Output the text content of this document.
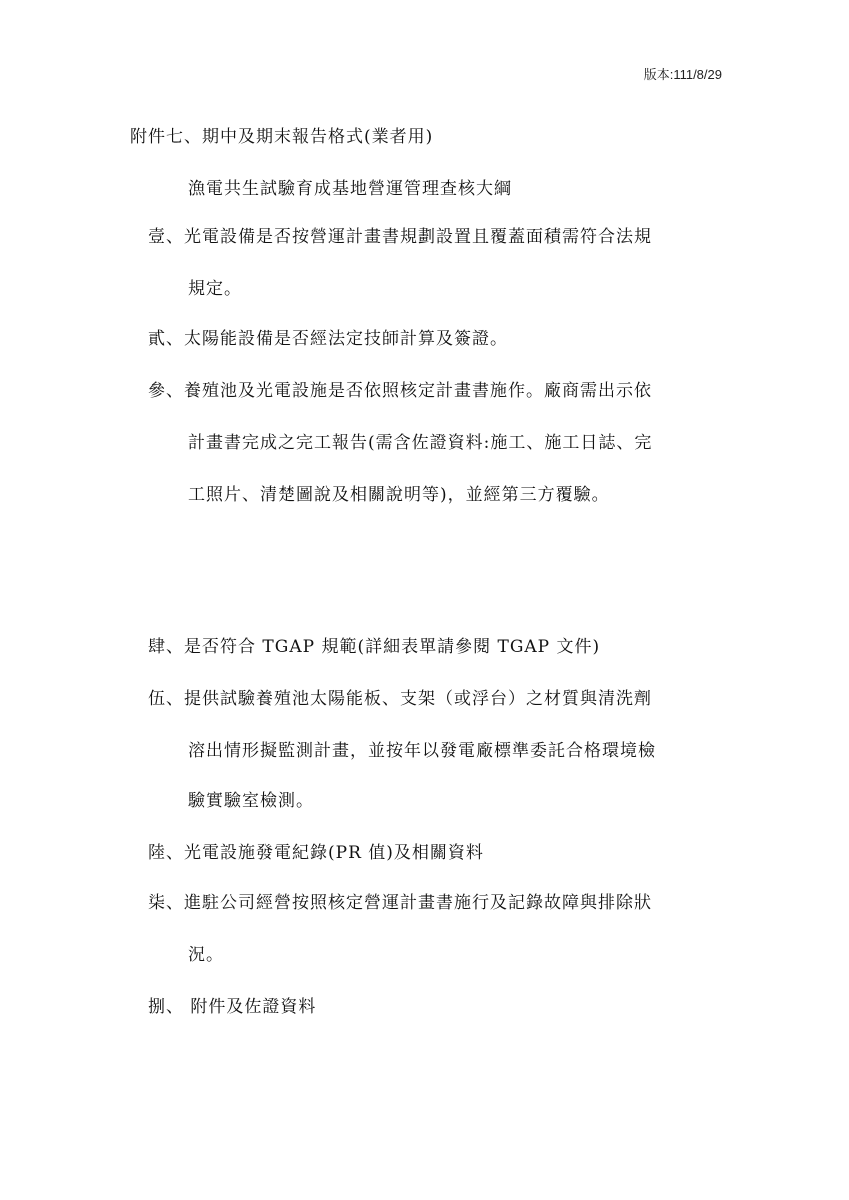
版本:111/8/29
附件七、期中及期末報告格式(業者用)
漁電共生試驗育成基地營運管理查核大綱
壹、光電設備是否按營運計畫書規劃設置且覆蓋面積需符合法規
規定。
貳、太陽能設備是否經法定技師計算及簽證。
參、養殖池及光電設施是否依照核定計畫書施作。廠商需出示依
計畫書完成之完工報告(需含佐證資料:施工、施工日誌、完
工照片、清楚圖說及相關說明等)，並經第三方覆驗。
肆、是否符合 TGAP 規範(詳細表單請參閱 TGAP 文件)
伍、提供試驗養殖池太陽能板、支架（或浮台）之材質與清洗劑
溶出情形擬監測計畫，並按年以發電廠標準委託合格環境檢
驗實驗室檢測。
陸、光電設施發電紀錄(PR 值)及相關資料
柒、進駐公司經營按照核定營運計畫書施行及記錄故障與排除狀
況。
捌、 附件及佐證資料
